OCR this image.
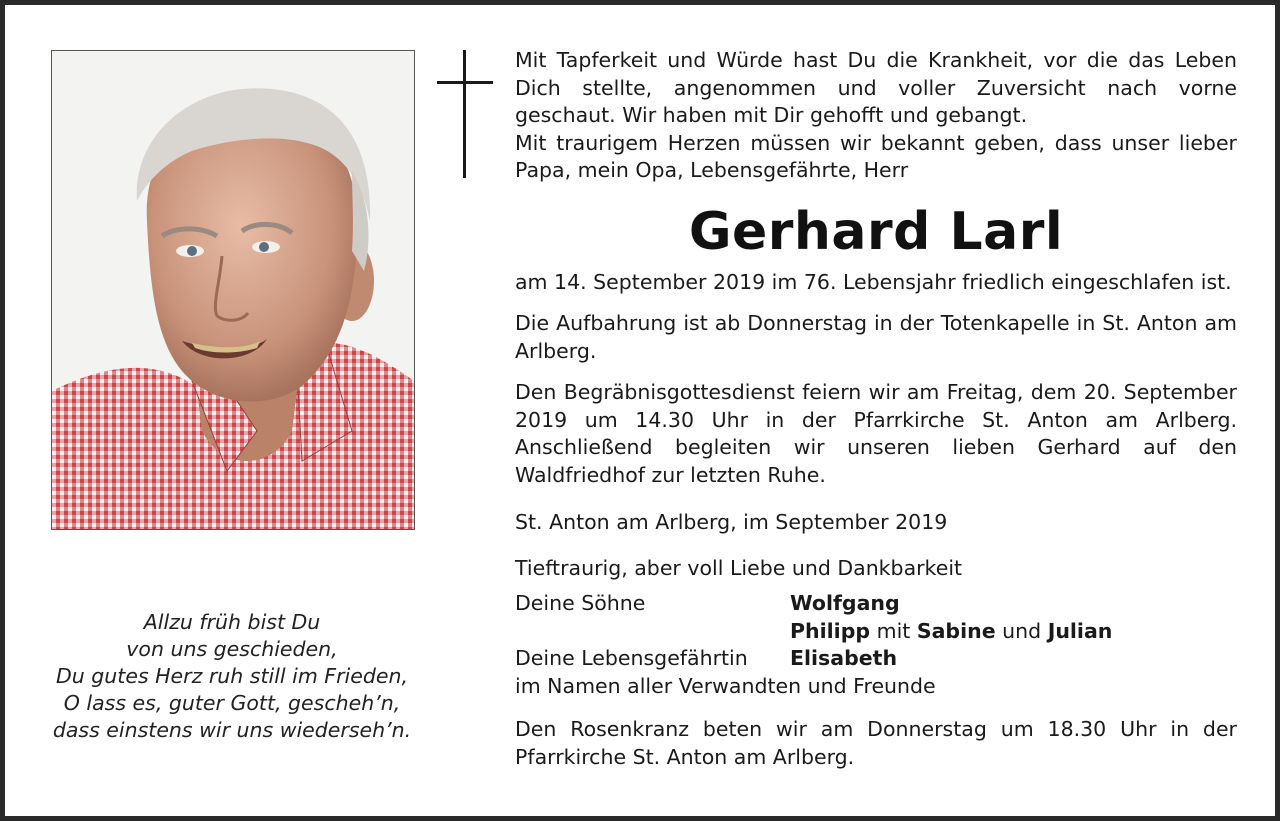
Allzu früh bist Du
von uns geschieden,
Du gutes Herz ruh still im Frieden,
O lass es, guter Gott, gescheh’n,
dass einstens wir uns wiederseh’n.
Mit Tapferkeit und Würde hast Du die Krankheit, vor die das Leben Dich stellte, angenommen und voller Zuversicht nach vorne geschaut. Wir haben mit Dir gehofft und gebangt.
Mit traurigem Herzen müssen wir bekannt geben, dass unser lieber Papa, mein Opa, Lebensgefährte, Herr
Gerhard Larl
am 14. September 2019 im 76. Lebensjahr friedlich eingeschlafen ist.
Die Aufbahrung ist ab Donnerstag in der Totenkapelle in St. Anton am Arlberg.
Den Begräbnisgottesdienst feiern wir am Freitag, dem 20. September 2019 um 14.30 Uhr in der Pfarrkirche St. Anton am Arlberg. Anschließend begleiten wir unseren lieben Gerhard auf den Waldfriedhof zur letzten Ruhe.
St. Anton am Arlberg, im September 2019
Tieftraurig, aber voll Liebe und Dankbarkeit
Deine Söhne	Wolfgang
Philipp mit Sabine und Julian
Deine Lebensgefährtin Elisabeth
im Namen aller Verwandten und Freunde
Den Rosenkranz beten wir am Donnerstag um 18.30 Uhr in der Pfarrkirche St. Anton am Arlberg.
